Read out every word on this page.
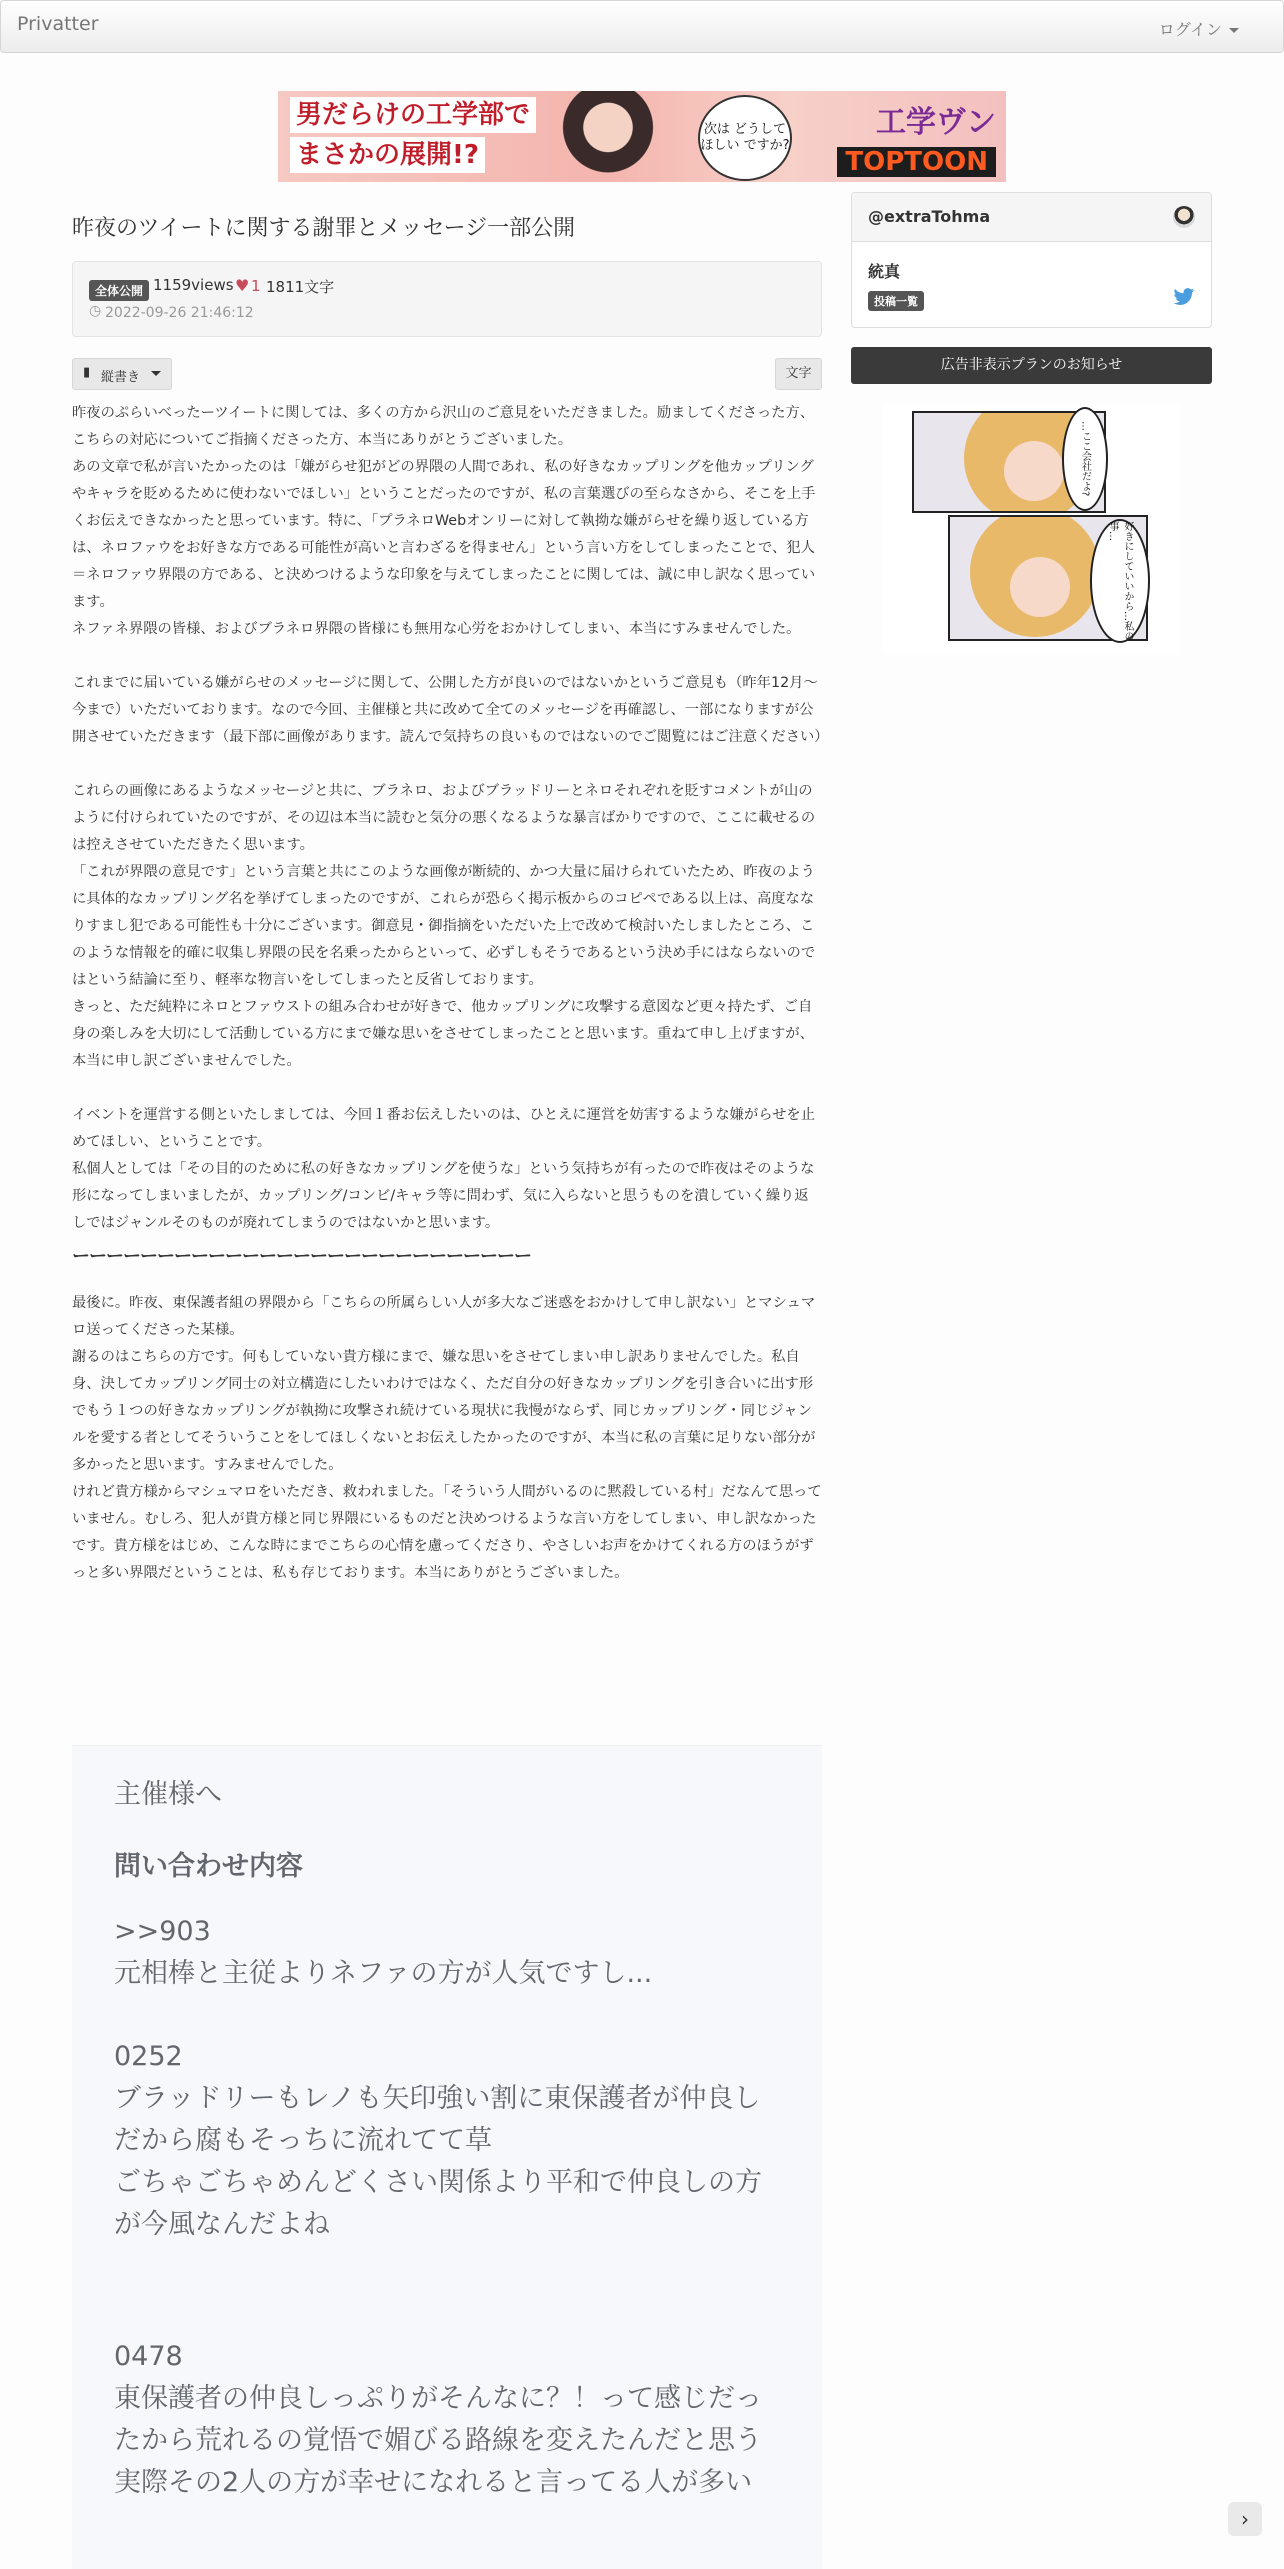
Privatter	ログイン
男だらけの工学部で
まさかの展開!?
次は どうして ほしい ですか?
工学ヴン
TOPTOON
昨夜のツイートに関する謝罪とメッセージ一部公開
全体公開 1159views ♥ 1 1811文字
◷ 2022-09-26 21:46:12
▮ 縦書き	文字

昨夜のぷらいべったーツイートに関しては、多くの方から沢山のご意見をいただきました。励ましてくださった方、こちらの対応についてご指摘くださった方、本当にありがとうございました。

あの文章で私が言いたかったのは「嫌がらせ犯がどの界隈の人間であれ、私の好きなカップリングを他カップリングやキャラを貶めるために使わないでほしい」ということだったのですが、私の言葉選びの至らなさから、そこを上手くお伝えできなかったと思っています。特に、「プラネロWebオンリーに対して執拗な嫌がらせを繰り返している方は、ネロファウをお好きな方である可能性が高いと言わざるを得ません」という言い方をしてしまったことで、犯人＝ネロファウ界隈の方である、と決めつけるような印象を与えてしまったことに関しては、誠に申し訳なく思っています。

ネファネ界隈の皆様、およびブラネロ界隈の皆様にも無用な心労をおかけしてしまい、本当にすみませんでした。

これまでに届いている嫌がらせのメッセージに関して、公開した方が良いのではないかというご意見も（昨年12月～今まで）いただいております。なので今回、主催様と共に改めて全てのメッセージを再確認し、一部になりますが公開させていただきます（最下部に画像があります。読んで気持ちの良いものではないのでご閲覧にはご注意ください）

これらの画像にあるようなメッセージと共に、ブラネロ、およびブラッドリーとネロそれぞれを貶すコメントが山のように付けられていたのですが、その辺は本当に読むと気分の悪くなるような暴言ばかりですので、ここに載せるのは控えさせていただきたく思います。

「これが界隈の意見です」という言葉と共にこのような画像が断続的、かつ大量に届けられていたため、昨夜のように具体的なカップリング名を挙げてしまったのですが、これらが恐らく掲示板からのコピペである以上は、高度ななりすまし犯である可能性も十分にございます。御意見・御指摘をいただいた上で改めて検討いたしましたところ、このような情報を的確に収集し界隈の民を名乗ったからといって、必ずしもそうであるという決め手にはならないのではという結論に至り、軽率な物言いをしてしまったと反省しております。

きっと、ただ純粋にネロとファウストの組み合わせが好きで、他カップリングに攻撃する意図など更々持たず、ご自身の楽しみを大切にして活動している方にまで嫌な思いをさせてしまったことと思います。重ねて申し上げますが、本当に申し訳ございませんでした。

イベントを運営する側といたしましては、今回１番お伝えしたいのは、ひとえに運営を妨害するような嫌がらせを止めてほしい、ということです。

私個人としては「その目的のために私の好きなカップリングを使うな」という気持ちが有ったので昨夜はそのような形になってしまいましたが、カップリング/コンビ/キャラ等に問わず、気に入らないと思うものを潰していく繰り返しではジャンルそのものが廃れてしまうのではないかと思います。

ーーーーーーーーーーーーーーーーーーーーーーーーーーー

最後に。昨夜、東保護者組の界隈から「こちらの所属らしい人が多大なご迷惑をおかけして申し訳ない」とマシュマロ送ってくださった某様。

謝るのはこちらの方です。何もしていない貴方様にまで、嫌な思いをさせてしまい申し訳ありませんでした。私自身、決してカップリング同士の対立構造にしたいわけではなく、ただ自分の好きなカップリングを引き合いに出す形でもう１つの好きなカップリングが執拗に攻撃され続けている現状に我慢がならず、同じカップリング・同じジャンルを愛する者としてそういうことをしてほしくないとお伝えしたかったのですが、本当に私の言葉に足りない部分が多かったと思います。すみませんでした。

けれど貴方様からマシュマロをいただき、救われました。「そういう人間がいるのに黙殺している村」だなんて思っていません。むしろ、犯人が貴方様と同じ界隈にいるものだと決めつけるような言い方をしてしまい、申し訳なかったです。貴方様をはじめ、こんな時にまでこちらの心情を慮ってくださり、やさしいお声をかけてくれる方のほうがずっと多い界隈だということは、私も存じております。本当にありがとうございました。

主催様へ
問い合わせ内容
>>903
元相棒と主従よりネファの方が人気ですし...
0252
ブラッドリーもレノも矢印強い割に東保護者が仲良し
だから腐もそっちに流れてて草
ごちゃごちゃめんどくさい関係より平和で仲良しの方
が今風なんだよね
0478
東保護者の仲良しっぷりがそんなに？！って感じだっ
たから荒れるの覚悟で媚びる路線を変えたんだと思う
実際その2人の方が幸せになれると言ってる人が多い
@extraTohma
統真
投稿一覧
広告非表示プランのお知らせ
…ここ会社だよ?
好きにしていいから…私の事…
›
